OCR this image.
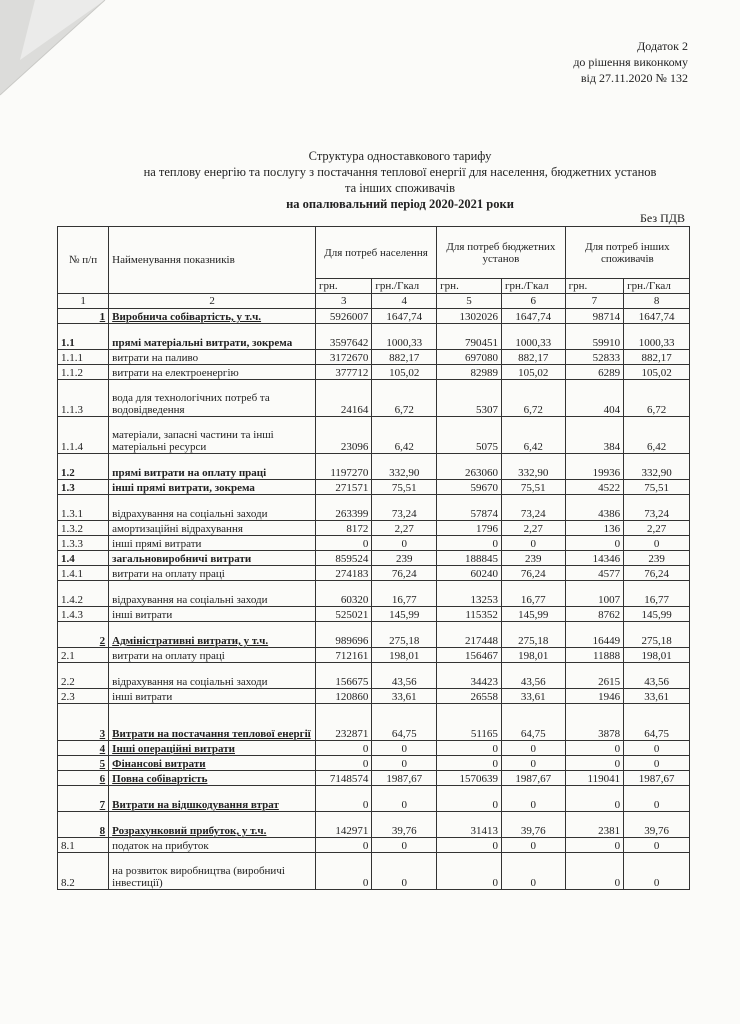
Додаток 2
до рішення виконкому
від 27.11.2020 № 132
Структура одноставкового тарифу
на теплову енергію та послугу з постачання теплової енергії для населення, бюджетних установ
та інших споживачів
на опалювальний період 2020-2021 роки
Без ПДВ
№ п/п	Найменування показників	Для потреб населення		Для потреб бюджетних установ		Для потреб інших споживачів	
		грн.	грн./Гкал	грн.	грн./Гкал	грн.	грн./Гкал
1	2	3	4	5	6	7	8
1	Виробнича собівартість, у т.ч.	5926007	1647,74	1302026	1647,74	98714	1647,74
1.1	прямі матеріальні витрати, зокрема	3597642	1000,33	790451	1000,33	59910	1000,33
1.1.1	витрати на паливо	3172670	882,17	697080	882,17	52833	882,17
1.1.2	витрати на електроенергію	377712	105,02	82989	105,02	6289	105,02
1.1.3	вода для технологічних потреб та водовідведення	24164	6,72	5307	6,72	404	6,72
1.1.4	матеріали, запасні частини та інші матеріальні ресурси	23096	6,42	5075	6,42	384	6,42
1.2	прямі витрати на оплату праці	1197270	332,90	263060	332,90	19936	332,90
1.3	інші прямі витрати, зокрема	271571	75,51	59670	75,51	4522	75,51
1.3.1	відрахування на соціальні заходи	263399	73,24	57874	73,24	4386	73,24
1.3.2	амортизаційні відрахування	8172	2,27	1796	2,27	136	2,27
1.3.3	інші прямі витрати	0	0	0	0	0	0
1.4	загальновиробничі витрати	859524	239	188845	239	14346	239
1.4.1	витрати на оплату праці	274183	76,24	60240	76,24	4577	76,24
1.4.2	відрахування на соціальні заходи	60320	16,77	13253	16,77	1007	16,77
1.4.3	інші витрати	525021	145,99	115352	145,99	8762	145,99
2	Адміністративні витрати, у т.ч.	989696	275,18	217448	275,18	16449	275,18
2.1	витрати на оплату праці	712161	198,01	156467	198,01	11888	198,01
2.2	відрахування на соціальні заходи	156675	43,56	34423	43,56	2615	43,56
2.3	інші витрати	120860	33,61	26558	33,61	1946	33,61
3	Витрати на постачання теплової енергії	232871	64,75	51165	64,75	3878	64,75
4	Інші операційні витрати	0	0	0	0	0	0
5	Фінансові витрати	0	0	0	0	0	0
6	Повна собівартість	7148574	1987,67	1570639	1987,67	119041	1987,67
7	Витрати на відшкодування втрат	0	0	0	0	0	0
8	Розрахунковий прибуток, у т.ч.	142971	39,76	31413	39,76	2381	39,76
8.1	податок на прибуток	0	0	0	0	0	0
8.2	на розвиток виробництва (виробничі інвестиції)	0	0	0	0	0	0
